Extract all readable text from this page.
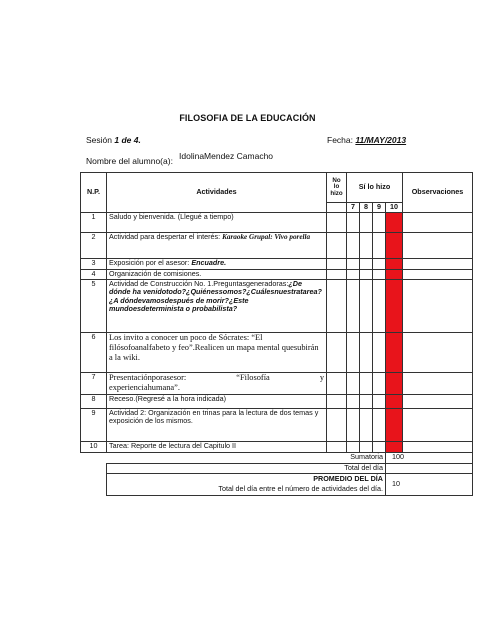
FILOSOFIA DE LA EDUCACIÓN
Sesión 1 de 4.	Fecha: 11/MAY/2013
Nombre del alumno(a): IdolinaMendez Camacho
N.P.	Actividades	No lo hizo	Sí lo hizo				Observaciones
			7	8	9	10	
1	Saludo y bienvenida. (Llegué a tiempo)						
2	Actividad para despertar el interés: Karaoke Grupal: Vivo porella						
3	Exposición por el asesor: Encuadre.						
4	Organización de comisiones.						
5	Actividad de Construcción No. 1.Preguntasgeneradoras:¿De dónde ha venidotodo?¿Quiénessomos?¿Cuálesnuestratarea?¿A dóndevamosdespués de morir?¿Este mundoesdeterminista o probabilista?						
6	Los invito a conocer un poco de Sócrates: “El filósofoanalfabeto y feo”.Realicen un mapa mental quesubirán a la wiki.						
7	Presentaciónporasesor: “Filosofía y
experienciahumana”.						

8	Receso.(Regresé a la hora indicada)						
9	Actividad 2: Organización en trinas para la lectura de dos temas y exposición de los mismos.						
10	Tarea: Reporte de lectura del Capitulo II						
	Sumatoria					100	
	Total del día						

	PROMEDIO DEL DÍA
Total del día entre el número de actividades del día.					10	
